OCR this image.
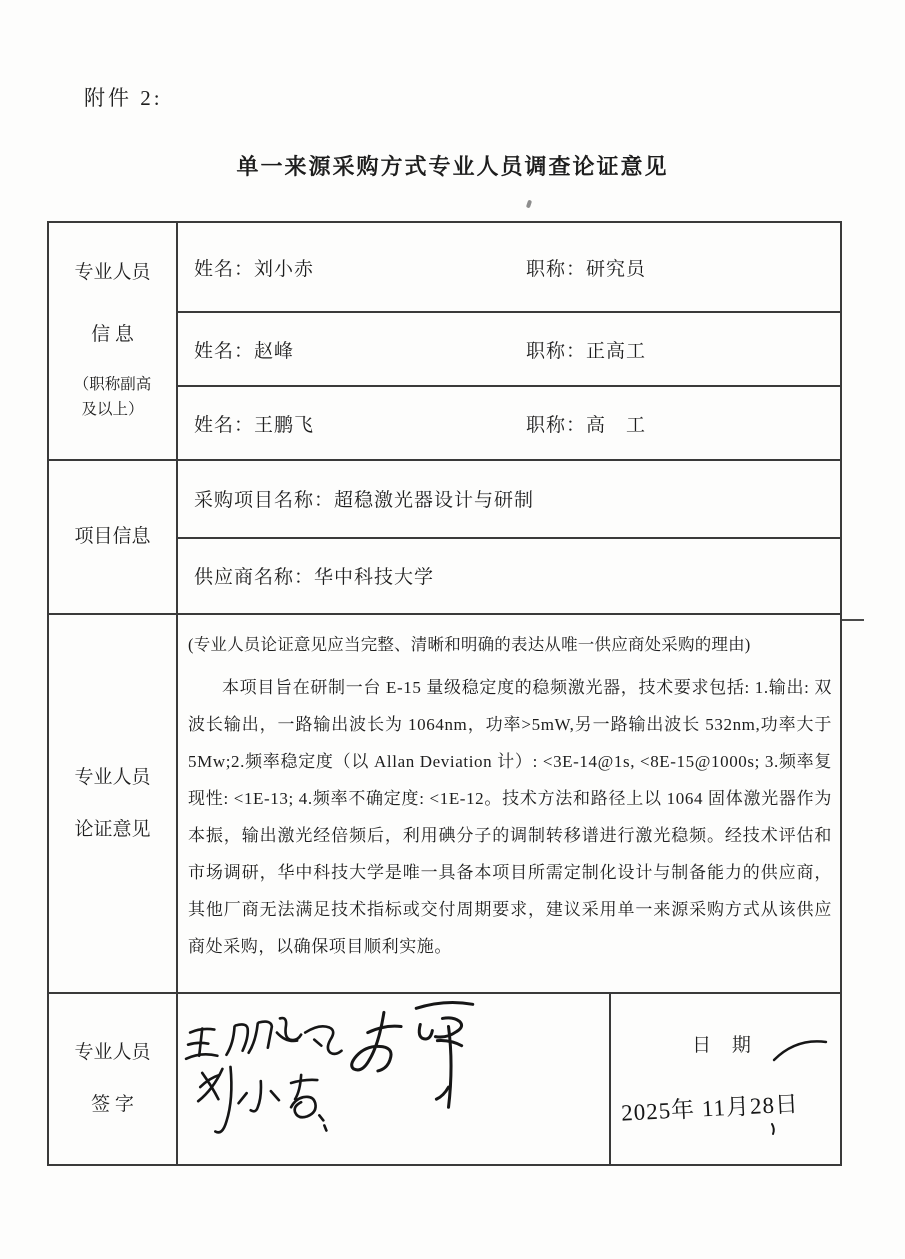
附件 2:
单一来源采购方式专业人员调查论证意见
专业人员
信 息
（职称副高
及以上）
姓名：刘小赤	职称：研究员
姓名：赵峰	职称：正高工
姓名：王鹏飞	职称：高　工
项目信息
采购项目名称：超稳激光器设计与研制
供应商名称：华中科技大学
专业人员
论证意见
(专业人员论证意见应当完整、清晰和明确的表达从唯一供应商处采购的理由)
本项目旨在研制一台 E-15 量级稳定度的稳频激光器，技术要求包括: 1.输出: 双波长输出，一路输出波长为 1064nm，功率>5mW,另一路输出波长 532nm,功率大于 5Mw;2.频率稳定度（以 Allan Deviation 计）: <3E-14@1s, <8E-15@1000s; 3.频率复现性: <1E-13; 4.频率不确定度: <1E-12。技术方法和路径上以 1064 固体激光器作为本振，输出激光经倍频后，利用碘分子的调制转移谱进行激光稳频。经技术评估和市场调研，华中科技大学是唯一具备本项目所需定制化设计与制备能力的供应商，其他厂商无法满足技术指标或交付周期要求，建议采用单一来源采购方式从该供应商处采购，以确保项目顺利实施。
专业人员
签 字
日 期
2025年 11月28日
